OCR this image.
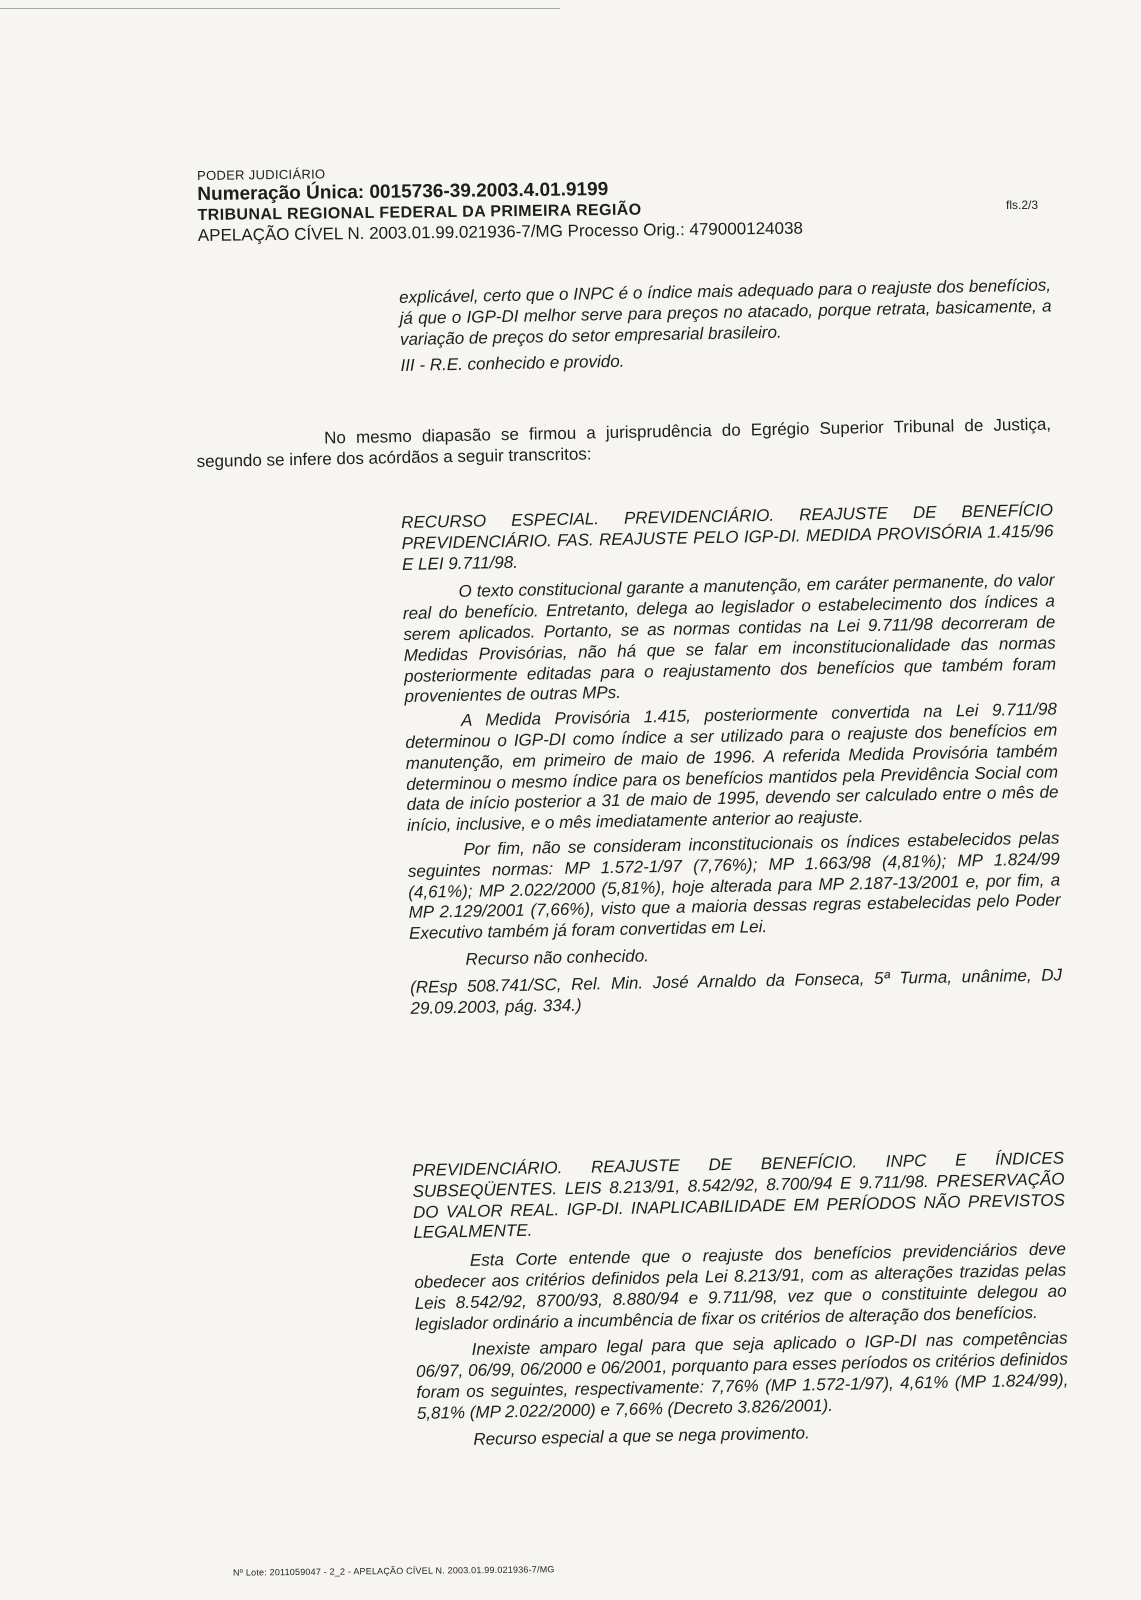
PODER JUDICIÁRIO
Numeração Única: 0015736-39.2003.4.01.9199
TRIBUNAL REGIONAL FEDERAL DA PRIMEIRA REGIÃO
APELAÇÃO CÍVEL N. 2003.01.99.021936-7/MG Processo Orig.: 479000124038
fls.2/3

explicável, certo que o INPC é o índice mais adequado para o reajuste dos benefícios, já que o IGP-DI melhor serve para preços no atacado, porque retrata, basicamente, a variação de preços do setor empresarial brasileiro.

III - R.E. conhecido e provido.

No mesmo diapasão se firmou a jurisprudência do Egrégio Superior Tribunal de Justiça, segundo se infere dos acórdãos a seguir transcritos:

RECURSO ESPECIAL. PREVIDENCIÁRIO. REAJUSTE DE BENEFÍCIO PREVIDENCIÁRIO. FAS. REAJUSTE PELO IGP-DI. MEDIDA PROVISÓRIA 1.415/96 E LEI 9.711/98.

O texto constitucional garante a manutenção, em caráter permanente, do valor real do benefício. Entretanto, delega ao legislador o estabelecimento dos índices a serem aplicados. Portanto, se as normas contidas na Lei 9.711/98 decorreram de Medidas Provisórias, não há que se falar em inconstitucionalidade das normas posteriormente editadas para o reajustamento dos benefícios que também foram provenientes de outras MPs.

A Medida Provisória 1.415, posteriormente convertida na Lei 9.711/98 determinou o IGP-DI como índice a ser utilizado para o reajuste dos benefícios em manutenção, em primeiro de maio de 1996. A referida Medida Provisória também determinou o mesmo índice para os benefícios mantidos pela Previdência Social com data de início posterior a 31 de maio de 1995, devendo ser calculado entre o mês de início, inclusive, e o mês imediatamente anterior ao reajuste.

Por fim, não se consideram inconstitucionais os índices estabelecidos pelas seguintes normas: MP 1.572-1/97 (7,76%); MP 1.663/98 (4,81%); MP 1.824/99 (4,61%); MP 2.022/2000 (5,81%), hoje alterada para MP 2.187-13/2001 e, por fim, a MP 2.129/2001 (7,66%), visto que a maioria dessas regras estabelecidas pelo Poder Executivo também já foram convertidas em Lei.

Recurso não conhecido.

(REsp 508.741/SC, Rel. Min. José Arnaldo da Fonseca, 5ª Turma, unânime, DJ 29.09.2003, pág. 334.)

PREVIDENCIÁRIO. REAJUSTE DE BENEFÍCIO. INPC E ÍNDICES SUBSEQÜENTES. LEIS 8.213/91, 8.542/92, 8.700/94 E 9.711/98. PRESERVAÇÃO DO VALOR REAL. IGP-DI. INAPLICABILIDADE EM PERÍODOS NÃO PREVISTOS LEGALMENTE.

Esta Corte entende que o reajuste dos benefícios previdenciários deve obedecer aos critérios definidos pela Lei 8.213/91, com as alterações trazidas pelas Leis 8.542/92, 8700/93, 8.880/94 e 9.711/98, vez que o constituinte delegou ao legislador ordinário a incumbência de fixar os critérios de alteração dos benefícios.

Inexiste amparo legal para que seja aplicado o IGP-DI nas competências 06/97, 06/99, 06/2000 e 06/2001, porquanto para esses períodos os critérios definidos foram os seguintes, respectivamente: 7,76% (MP 1.572-1/97), 4,61% (MP 1.824/99), 5,81% (MP 2.022/2000) e 7,66% (Decreto 3.826/2001).

Recurso especial a que se nega provimento.

Nº Lote: 2011059047 - 2_2 - APELAÇÃO CÍVEL N. 2003.01.99.021936-7/MG
